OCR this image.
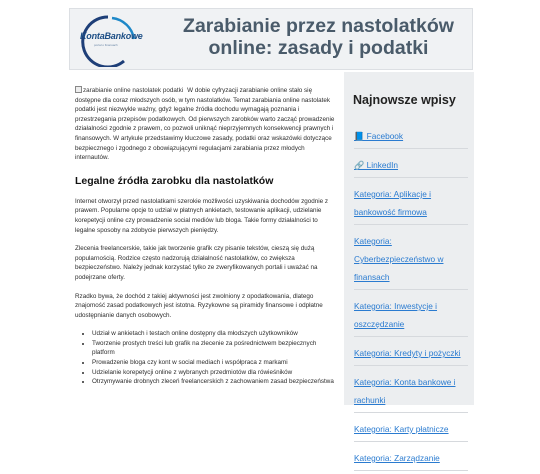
KontaBankowe
portal o finansach
Zarabianie przez nastolatków online: zasady i podatki

zarabianie online nastolatek podatki W dobie cyfryzacji zarabianie online stało się dostępne dla coraz młodszych osób, w tym nastolatków. Temat zarabiania online nastolatek podatki jest niezwykle ważny, gdyż legalne źródła dochodu wymagają poznania i przestrzegania przepisów podatkowych. Od pierwszych zarobków warto zacząć prowadzenie działalności zgodnie z prawem, co pozwoli uniknąć nieprzyjemnych konsekwencji prawnych i finansowych. W artykule przedstawimy kluczowe zasady, podatki oraz wskazówki dotyczące bezpiecznego i zgodnego z obowiązującymi regulacjami zarabiania przez młodych internautów.

Legalne źródła zarobku dla nastolatków

Internet otworzył przed nastolatkami szerokie możliwości uzyskiwania dochodów zgodnie z prawem. Popularne opcje to udział w płatnych ankietach, testowanie aplikacji, udzielanie korepetycji online czy prowadzenie social mediów lub bloga. Takie formy działalności to legalne sposoby na zdobycie pierwszych pieniędzy.

Zlecenia freelancerskie, takie jak tworzenie grafik czy pisanie tekstów, cieszą się dużą popularnością. Rodzice często nadzorują działalność nastolatków, co zwiększa bezpieczeństwo. Należy jednak korzystać tylko ze zweryfikowanych portali i uważać na podejrzane oferty.

Rzadko bywa, że dochód z takiej aktywności jest zwolniony z opodatkowania, dlatego znajomość zasad podatkowych jest istotna. Ryzykowne są piramidy finansowe i odpłatne udostępnianie danych osobowych.

• Udział w ankietach i testach online dostępny dla młodszych użytkowników
• Tworzenie prostych treści lub grafik na zlecenie za pośrednictwem bezpiecznych platform
• Prowadzenie bloga czy kont w social mediach i współpraca z markami
• Udzielanie korepetycji online z wybranych przedmiotów dla rówieśników
• Otrzymywanie drobnych zleceń freelancerskich z zachowaniem zasad bezpieczeństwa
Najnowsze wpisy
📘 Facebook
🔗 LinkedIn
Kategoria: Aplikacje i bankowość firmowa
Kategoria: Cyberbezpieczeństwo w finansach
Kategoria: Inwestycje i oszczędzanie
Kategoria: Kredyty i pożyczki
Kategoria: Konta bankowe i rachunki
Kategoria: Karty płatnicze
Kategoria: Zarządzanie
